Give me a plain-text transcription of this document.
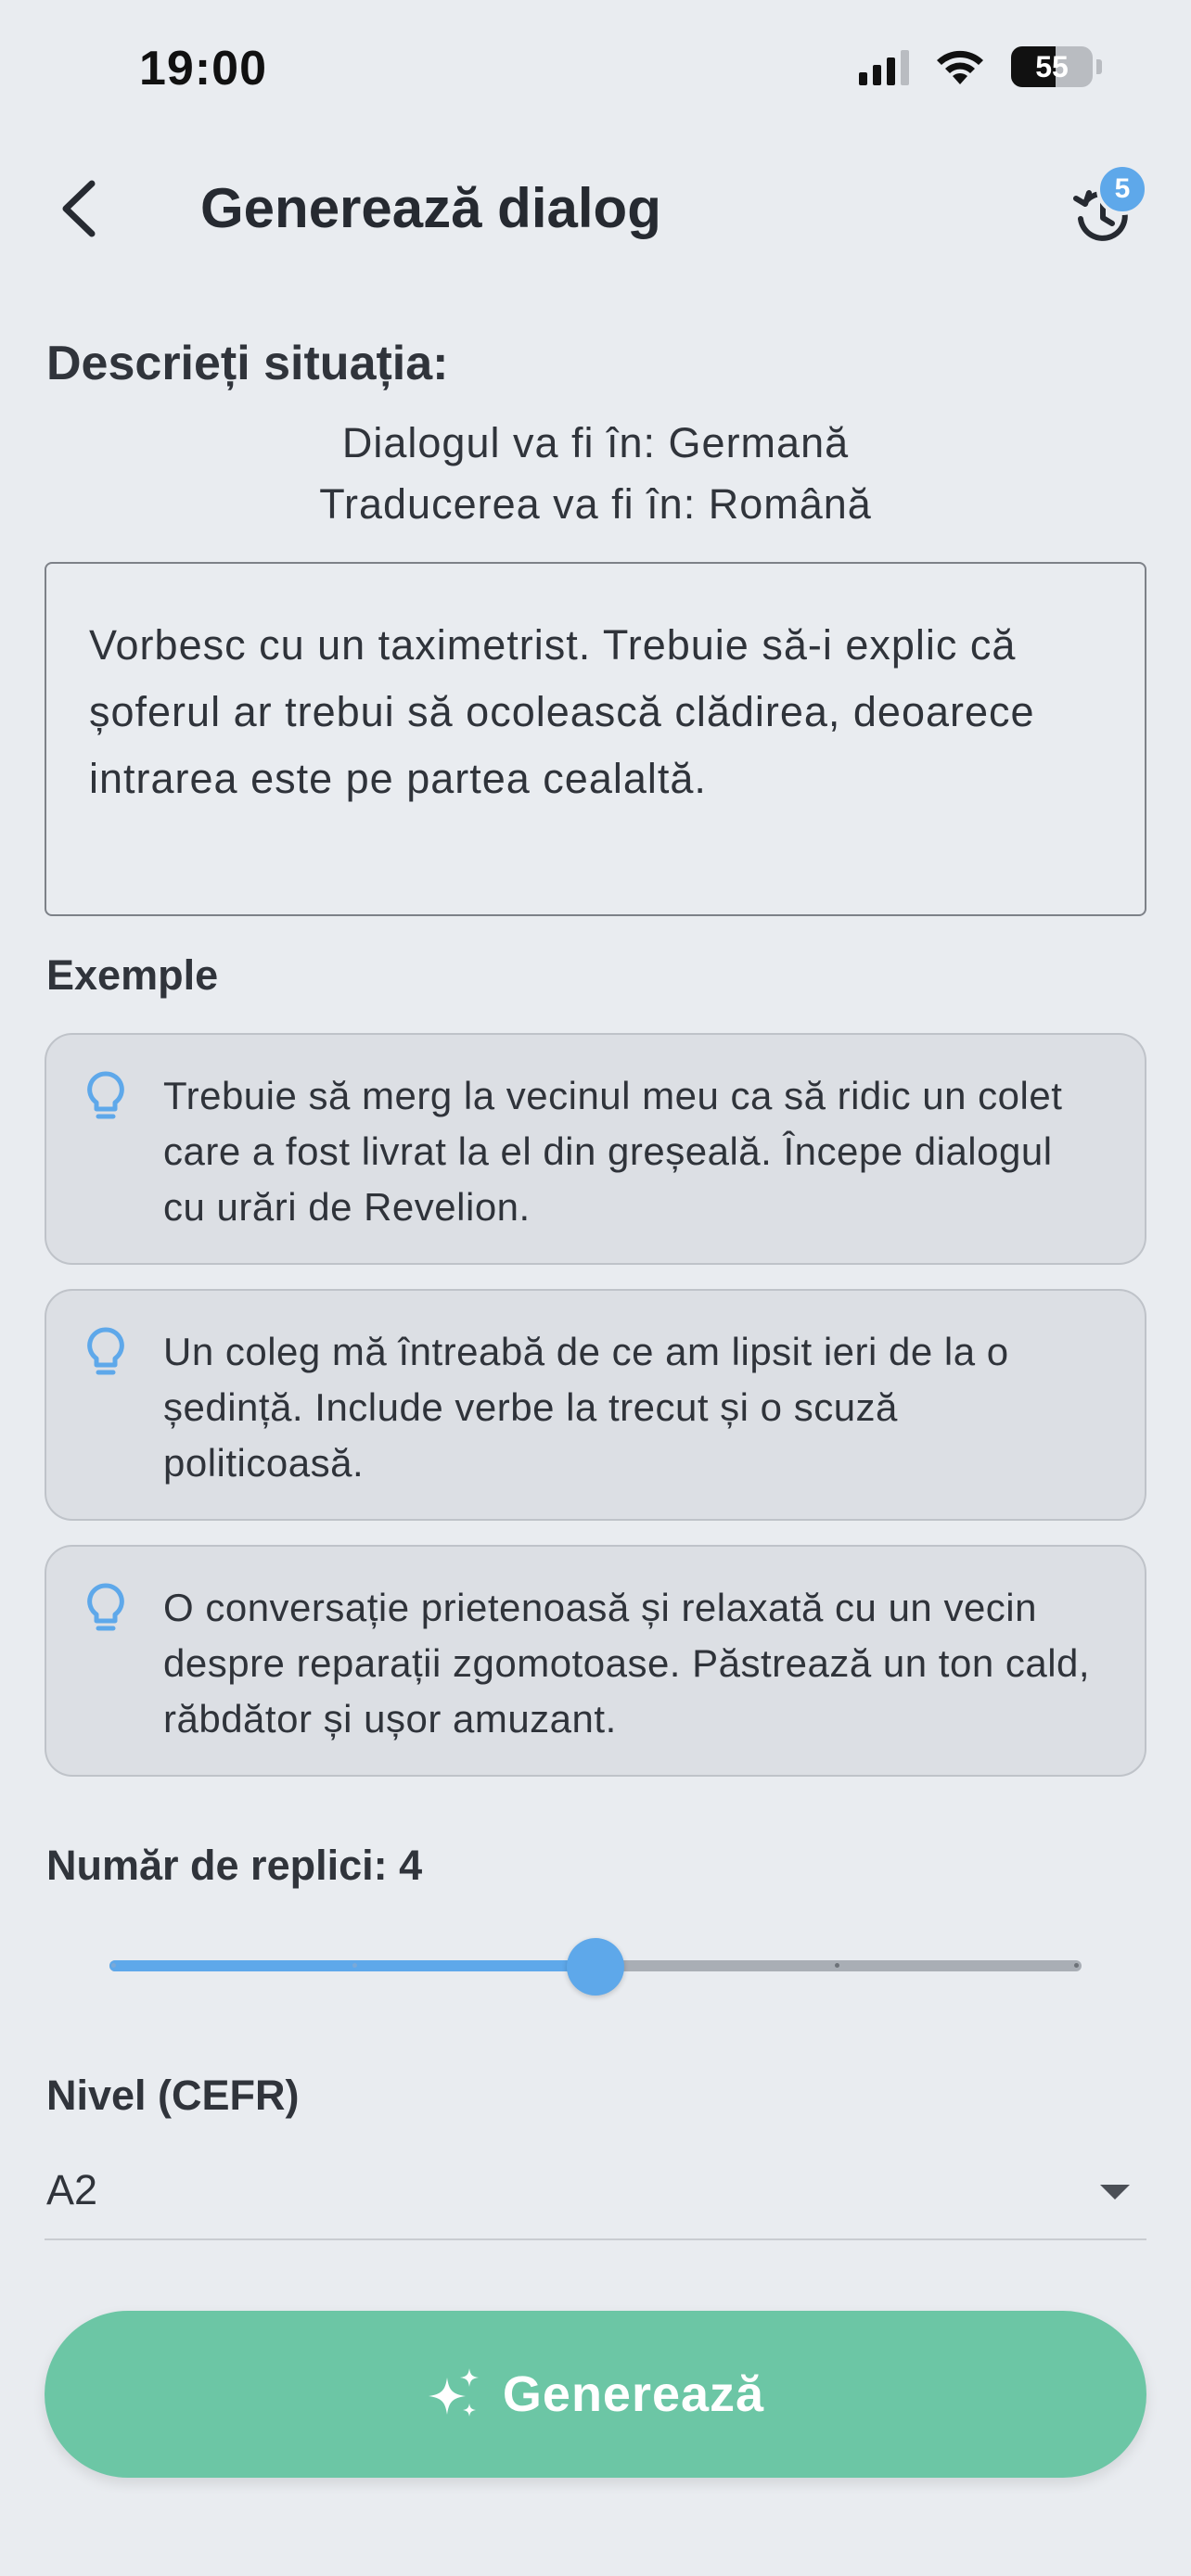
19:00	55
Generează dialog	5
Descrieți situația:
Dialogul va fi în: Germană
Traducerea va fi în: Română
Vorbesc cu un taximetrist. Trebuie să-i explic că șoferul ar trebui să ocolească clădirea, deoarece intrarea este pe partea cealaltă.
Exemple
Trebuie să merg la vecinul meu ca să ridic un colet care a fost livrat la el din greșeală. Începe dialogul cu urări de Revelion.
Un coleg mă întreabă de ce am lipsit ieri de la o ședință. Include verbe la trecut și o scuză politicoasă.
O conversație prietenoasă și relaxată cu un vecin despre reparații zgomotoase. Păstrează un ton cald, răbdător și ușor amuzant.
Număr de replici: 4
Nivel (CEFR)
A2
Generează
